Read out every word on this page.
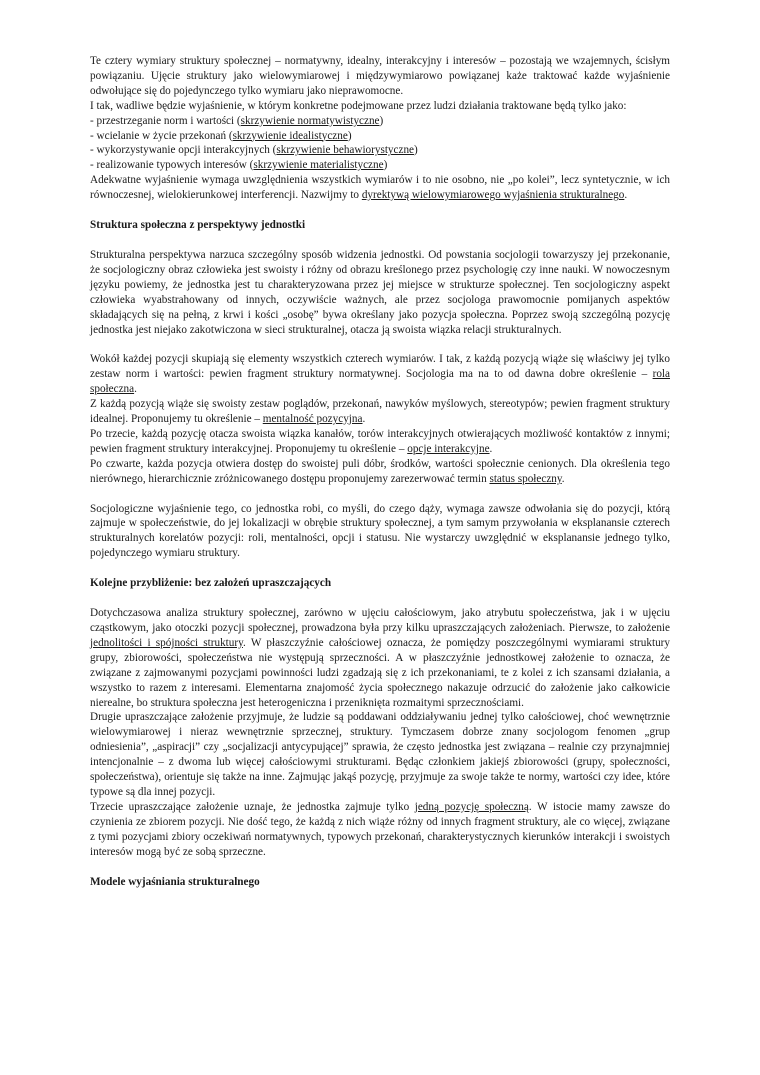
Te cztery wymiary struktury społecznej – normatywny, idealny, interakcyjny i interesów – pozostają we wzajemnych, ścisłym powiązaniu. Ujęcie struktury jako wielowymiarowej i międzywymiarowo powiązanej każe traktować każde wyjaśnienie odwołujące się do pojedynczego tylko wymiaru jako nieprawomocne.

I tak, wadliwe będzie wyjaśnienie, w którym konkretne podejmowane przez ludzi działania traktowane będą tylko jako:

- przestrzeganie norm i wartości (skrzywienie normatywistyczne)

- wcielanie w życie przekonań (skrzywienie idealistyczne)

- wykorzystywanie opcji interakcyjnych (skrzywienie behawiorystyczne)

- realizowanie typowych interesów (skrzywienie materialistyczne)

Adekwatne wyjaśnienie wymaga uwzględnienia wszystkich wymiarów i to nie osobno, nie „po kolei”, lecz syntetycznie, w ich równoczesnej, wielokierunkowej interferencji. Nazwijmy to dyrektywą wielowymiarowego wyjaśnienia strukturalnego.

Struktura społeczna z perspektywy jednostki

Strukturalna perspektywa narzuca szczególny sposób widzenia jednostki. Od powstania socjologii towarzyszy jej przekonanie, że socjologiczny obraz człowieka jest swoisty i różny od obrazu kreślonego przez psychologię czy inne nauki. W nowoczesnym języku powiemy, że jednostka jest tu charakteryzowana przez jej miejsce w strukturze społecznej. Ten socjologiczny aspekt człowieka wyabstrahowany od innych, oczywiście ważnych, ale przez socjologa prawomocnie pomijanych aspektów składających się na pełną, z krwi i kości „osobę” bywa określany jako pozycja społeczna. Poprzez swoją szczególną pozycję jednostka jest niejako zakotwiczona w sieci strukturalnej, otacza ją swoista wiązka relacji strukturalnych.

Wokół każdej pozycji skupiają się elementy wszystkich czterech wymiarów. I tak, z każdą pozycją wiąże się właściwy jej tylko zestaw norm i wartości: pewien fragment struktury normatywnej. Socjologia ma na to od dawna dobre określenie – rola społeczna.

Z każdą pozycją wiąże się swoisty zestaw poglądów, przekonań, nawyków myślowych, stereotypów; pewien fragment struktury idealnej. Proponujemy tu określenie – mentalność pozycyjna.

Po trzecie, każdą pozycję otacza swoista wiązka kanałów, torów interakcyjnych otwierających możliwość kontaktów z innymi; pewien fragment struktury interakcyjnej. Proponujemy tu określenie – opcje interakcyjne.

Po czwarte, każda pozycja otwiera dostęp do swoistej puli dóbr, środków, wartości społecznie cenionych. Dla określenia tego nierównego, hierarchicznie zróżnicowanego dostępu proponujemy zarezerwować termin status społeczny.

Socjologiczne wyjaśnienie tego, co jednostka robi, co myśli, do czego dąży, wymaga zawsze odwołania się do pozycji, którą zajmuje w społeczeństwie, do jej lokalizacji w obrębie struktury społecznej, a tym samym przywołania w eksplanansie czterech strukturalnych korelatów pozycji: roli, mentalności, opcji i statusu. Nie wystarczy uwzględnić w eksplanansie jednego tylko, pojedynczego wymiaru struktury.

Kolejne przybliżenie: bez założeń upraszczających

Dotychczasowa analiza struktury społecznej, zarówno w ujęciu całościowym, jako atrybutu społeczeństwa, jak i w ujęciu cząstkowym, jako otoczki pozycji społecznej, prowadzona była przy kilku upraszczających założeniach. Pierwsze, to założenie jednolitości i spójności struktury. W płaszczyźnie całościowej oznacza, że pomiędzy poszczególnymi wymiarami struktury grupy, zbiorowości, społeczeństwa nie występują sprzeczności. A w płaszczyźnie jednostkowej założenie to oznacza, że związane z zajmowanymi pozycjami powinności ludzi zgadzają się z ich przekonaniami, te z kolei z ich szansami działania, a wszystko to razem z interesami. Elementarna znajomość życia społecznego nakazuje odrzucić do założenie jako całkowicie nierealne, bo struktura społeczna jest heterogeniczna i przeniknięta rozmaitymi sprzecznościami.

Drugie upraszczające założenie przyjmuje, że ludzie są poddawani oddziaływaniu jednej tylko całościowej, choć wewnętrznie wielowymiarowej i nieraz wewnętrznie sprzecznej, struktury. Tymczasem dobrze znany socjologom fenomen „grup odniesienia”, „aspiracji” czy „socjalizacji antycypującej” sprawia, że często jednostka jest związana – realnie czy przynajmniej intencjonalnie – z dwoma lub więcej całościowymi strukturami. Będąc członkiem jakiejś zbiorowości (grupy, społeczności, społeczeństwa), orientuje się także na inne. Zajmując jakąś pozycję, przyjmuje za swoje także te normy, wartości czy idee, które typowe są dla innej pozycji.

Trzecie upraszczające założenie uznaje, że jednostka zajmuje tylko jedną pozycję społeczną. W istocie mamy zawsze do czynienia ze zbiorem pozycji. Nie dość tego, że każdą z nich wiąże różny od innych fragment struktury, ale co więcej, związane z tymi pozycjami zbiory oczekiwań normatywnych, typowych przekonań, charakterystycznych kierunków interakcji i swoistych interesów mogą być ze sobą sprzeczne.

Modele wyjaśniania strukturalnego
